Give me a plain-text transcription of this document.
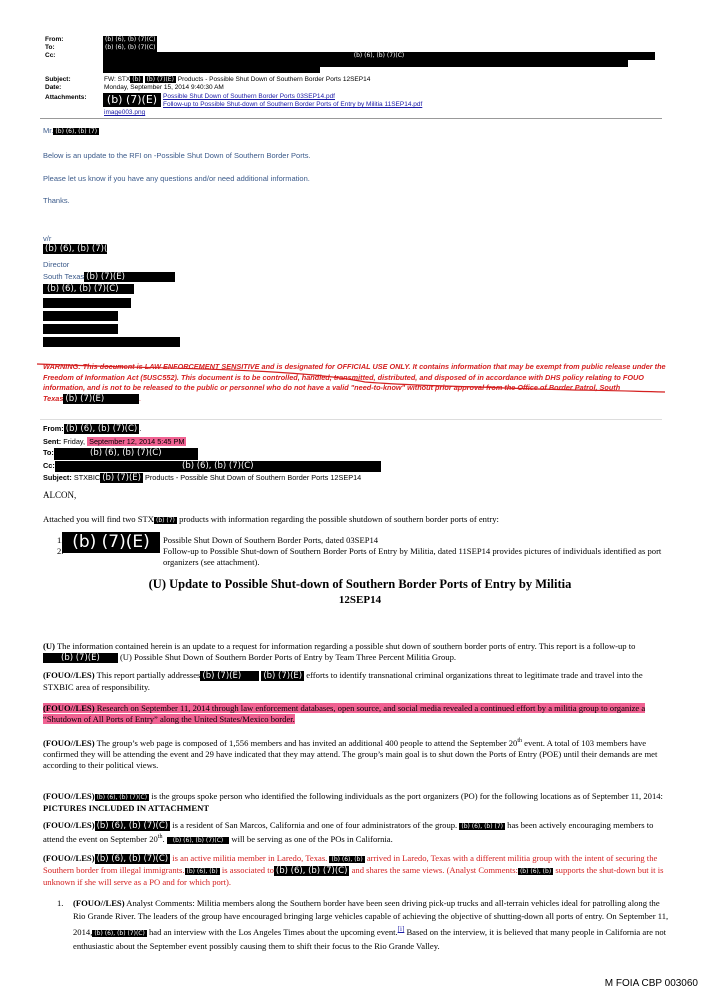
From:	(b) (6), (b) (7)(C)
To:	(b) (6), (b) (7)(C)
Cc:	(b) (6), (b) (7)(C)
Subject:	FW: STX (b) (b) (7)(E) Products - Possible Shut Down of Southern Border Ports 12SEP14
Date:	Monday, September 15, 2014 9:40:30 AM
Attachments:	(b) (7)(E) Possible Shut Down of Southern Border Ports 03SEP14.pdf
Follow-up to Possible Shut-down of Southern Border Ports of Entry by Militia 11SEP14.pdf
image003.png
Mr. (b) (6), (b) (7)
Below is an update to the RFI on -Possible Shut Down of Southern Border Ports.
Please let us know if you have any questions and/or need additional information.
Thanks.
v/r
(b) (6), (b) (7)(C)
Director
South Texas (b) (7)(E)
(b) (6), (b) (7)(C)
WARNING: This document is LAW ENFORCEMENT SENSITIVE and is designated for OFFICIAL USE ONLY. It contains information that may be exempt from public release under the Freedom of Information Act (5USC552). This document is to be controlled, handled, transmitted, distributed, and disposed of in accordance with DHS policy relating to FOUO information, and is not to be released to the public or personnel who do not have a valid "need-to-know" without prior approval from the Office of Border Patrol, South Texas (b) (7)(E)	.
From: (b) (6), (b) (7)(C) .
Sent: Friday, September 12, 2014 5:45 PM
To:	(b) (6), (b) (7)(C)
Cc:	(b) (6), (b) (7)(C)
Subject: STXBIC (b) (7)(E) Products - Possible Shut Down of Southern Border Ports 12SEP14
ALCON,
Attached you will find two STX (b) (7) products with information regarding the possible shutdown of southern border ports of entry:
(b) (7)(E)
1.	Possible Shut Down of Southern Border Ports, dated 03SEP14
2.	Follow-up to Possible Shut-down of Southern Border Ports of Entry by Militia, dated 11SEP14 provides pictures of individuals identified as port organizers (see attachment).
(U) Update to Possible Shut-down of Southern Border Ports of Entry by Militia
12SEP14
(U) The information contained herein is an update to a request for information regarding a possible shut down of southern border ports of entry. This report is a follow-up to (b) (7)(E) (U) Possible Shut Down of Southern Border Ports of Entry by Team Three Percent Militia Group.
(FOUO//LES) This report partially addresses (b) (7)(E)	(b) (7)(E) efforts to identify transnational criminal organizations threat to legitimate trade and travel into the STXBIC area of responsibility.
(FOUO//LES) Research on September 11, 2014 through law enforcement databases, open source, and social media revealed a continued effort by a militia group to organize a “Shutdown of All Ports of Entry” along the United States/Mexico border.
(FOUO//LES) The group’s web page is composed of 1,556 members and has invited an additional 400 people to attend the September 20th event. A total of 103 members have confirmed they will be attending the event and 29 have indicated that they may attend. The group’s main goal is to shut down the Ports of Entry (POE) until their demands are met according to their political views.
(FOUO//LES) (b) (6), (b) (7)(C) is the groups spoke person who identified the following individuals as the port organizers (PO) for the following locations as of September 11, 2014: PICTURES INCLUDED IN ATTACHMENT
(FOUO//LES) (b) (6), (b) (7)(C) is a resident of San Marcos, California and one of four administrators of the group. (b) (6), (b) (7) has been actively encouraging members to attend the event on September 20th. (b) (6), (b) (7)(C) will be serving as one of the POs in California.
(FOUO//LES) (b) (6), (b) (7)(C) is an active militia member in Laredo, Texas. (b) (6), (b) arrived in Laredo, Texas with a different militia group with the intent of securing the Southern border from illegal immigrants. (b) (6), (b) is associated to (b) (6), (b) (7)(C) and shares the same views. (Analyst Comments: (b) (6), (b) supports the shut-down but it is unknown if she will serve as a PO and for which port).
1. (FOUO//LES) Analyst Comments: Militia members along the Southern border have been seen driving pick-up trucks and all-terrain vehicles ideal for patrolling along the Rio Grande River. The leaders of the group have encouraged bringing large vehicles capable of achieving the objective of shutting-down all ports of entry. On September 11, 2014, (b) (6), (b) (7)(C) had an interview with the Los Angeles Times about the upcoming event.[i] Based on the interview, it is believed that many people in California are not enthusiastic about the September event possibly causing them to shift their focus to the Rio Grande Valley.
M FOIA CBP 003060
